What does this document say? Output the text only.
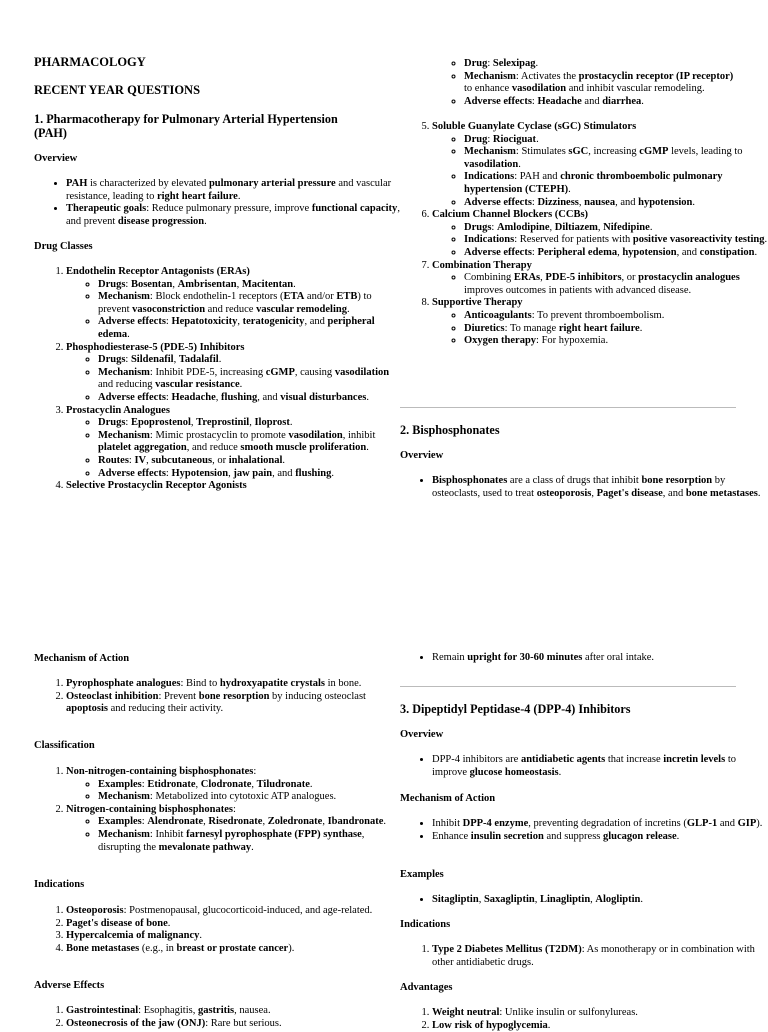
PHARMACOLOGY
RECENT YEAR QUESTIONS
1. Pharmacotherapy for Pulmonary Arterial Hypertension (PAH)
Overview
• PAH is characterized by elevated pulmonary arterial pressure and vascular resistance, leading to right heart failure.
• Therapeutic goals: Reduce pulmonary pressure, improve functional capacity, and prevent disease progression.
Drug Classes
1. Endothelin Receptor Antagonists (ERAs)
◦ Drugs: Bosentan, Ambrisentan, Macitentan.
◦ Mechanism: Block endothelin-1 receptors (ETA and/or ETB) to prevent vasoconstriction and reduce vascular remodeling.
◦ Adverse effects: Hepatotoxicity, teratogenicity, and peripheral edema.
2. Phosphodiesterase-5 (PDE-5) Inhibitors
◦ Drugs: Sildenafil, Tadalafil.
◦ Mechanism: Inhibit PDE-5, increasing cGMP, causing vasodilation and reducing vascular resistance.
◦ Adverse effects: Headache, flushing, and visual disturbances.
3. Prostacyclin Analogues
◦ Drugs: Epoprostenol, Treprostinil, Iloprost.
◦ Mechanism: Mimic prostacyclin to promote vasodilation, inhibit platelet aggregation, and reduce smooth muscle proliferation.
◦ Routes: IV, subcutaneous, or inhalational.
◦ Adverse effects: Hypotension, jaw pain, and flushing.
4. Selective Prostacyclin Receptor Agonists
◦ Drug: Selexipag.
◦ Mechanism: Activates the prostacyclin receptor (IP receptor) to enhance vasodilation and inhibit vascular remodeling.
◦ Adverse effects: Headache and diarrhea.
5. Soluble Guanylate Cyclase (sGC) Stimulators
◦ Drug: Riociguat.
◦ Mechanism: Stimulates sGC, increasing cGMP levels, leading to vasodilation.
◦ Indications: PAH and chronic thromboembolic pulmonary hypertension (CTEPH).
◦ Adverse effects: Dizziness, nausea, and hypotension.
6. Calcium Channel Blockers (CCBs)
◦ Drugs: Amlodipine, Diltiazem, Nifedipine.
◦ Indications: Reserved for patients with positive vasoreactivity testing.
◦ Adverse effects: Peripheral edema, hypotension, and constipation.
7. Combination Therapy
◦ Combining ERAs, PDE-5 inhibitors, or prostacyclin analogues improves outcomes in patients with advanced disease.
8. Supportive Therapy
◦ Anticoagulants: To prevent thromboembolism.
◦ Diuretics: To manage right heart failure.
◦ Oxygen therapy: For hypoxemia.
2. Bisphosphonates
Overview
• Bisphosphonates are a class of drugs that inhibit bone resorption by osteoclasts, used to treat osteoporosis, Paget's disease, and bone metastases.
Mechanism of Action
1. Pyrophosphate analogues: Bind to hydroxyapatite crystals in bone.
2. Osteoclast inhibition: Prevent bone resorption by inducing osteoclast apoptosis and reducing their activity.
Classification
1. Non-nitrogen-containing bisphosphonates:
◦ Examples: Etidronate, Clodronate, Tiludronate.
◦ Mechanism: Metabolized into cytotoxic ATP analogues.
2. Nitrogen-containing bisphosphonates:
◦ Examples: Alendronate, Risedronate, Zoledronate, Ibandronate.
◦ Mechanism: Inhibit farnesyl pyrophosphate (FPP) synthase, disrupting the mevalonate pathway.
Indications
1. Osteoporosis: Postmenopausal, glucocorticoid-induced, and age-related.
2. Paget's disease of bone.
3. Hypercalcemia of malignancy.
4. Bone metastases (e.g., in breast or prostate cancer).
Adverse Effects
1. Gastrointestinal: Esophagitis, gastritis, nausea.
2. Osteonecrosis of the jaw (ONJ): Rare but serious.
• Remain upright for 30-60 minutes after oral intake.
3. Dipeptidyl Peptidase-4 (DPP-4) Inhibitors
Overview
• DPP-4 inhibitors are antidiabetic agents that increase incretin levels to improve glucose homeostasis.
Mechanism of Action
• Inhibit DPP-4 enzyme, preventing degradation of incretins (GLP-1 and GIP).
• Enhance insulin secretion and suppress glucagon release.
Examples
• Sitagliptin, Saxagliptin, Linagliptin, Alogliptin.
Indications
1. Type 2 Diabetes Mellitus (T2DM): As monotherapy or in combination with other antidiabetic drugs.
Advantages
1. Weight neutral: Unlike insulin or sulfonylureas.
2. Low risk of hypoglycemia.
